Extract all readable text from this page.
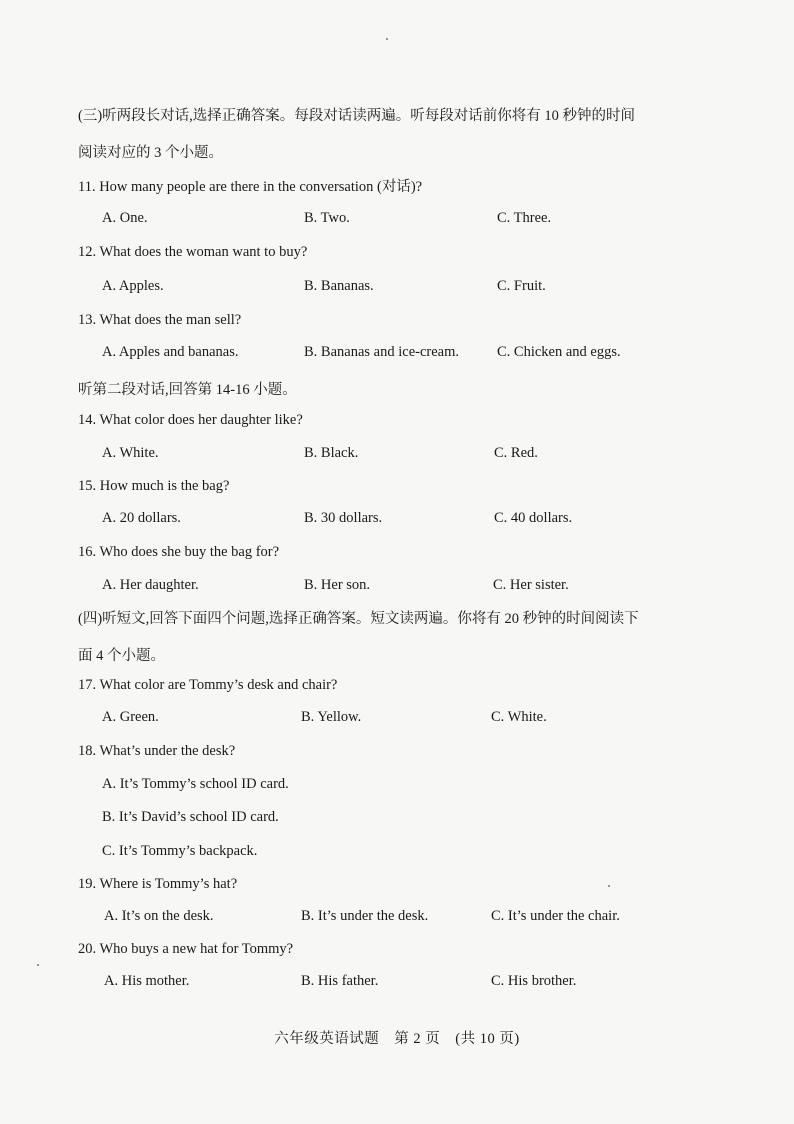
(三)听两段长对话,选择正确答案。每段对话读两遍。听每段对话前你将有 10 秒钟的时间
阅读对应的 3 个小题。
11. How many people are there in the conversation (对话)?
A. One.	B. Two.	C. Three.
12. What does the woman want to buy?
A. Apples.	B. Bananas.	C. Fruit.
13. What does the man sell?
A. Apples and bananas.	B. Bananas and ice-cream.	C. Chicken and eggs.
听第二段对话,回答第 14-16 小题。
14. What color does her daughter like?
A. White.	B. Black.	C. Red.
15. How much is the bag?
A. 20 dollars.	B. 30 dollars.	C. 40 dollars.
16. Who does she buy the bag for?
A. Her daughter.	B. Her son.	C. Her sister.
(四)听短文,回答下面四个问题,选择正确答案。短文读两遍。你将有 20 秒钟的时间阅读下
面 4 个小题。
17. What color are Tommy’s desk and chair?
A. Green.	B. Yellow.	C. White.
18. What’s under the desk?
A. It’s Tommy’s school ID card.
B. It’s David’s school ID card.
C. It’s Tommy’s backpack.
19. Where is Tommy’s hat?
A. It’s on the desk.	B. It’s under the desk.	C. It’s under the chair.
20. Who buys a new hat for Tommy?
A. His mother.	B. His father.	C. His brother.
六年级英语试题　第 2 页　(共 10 页)
